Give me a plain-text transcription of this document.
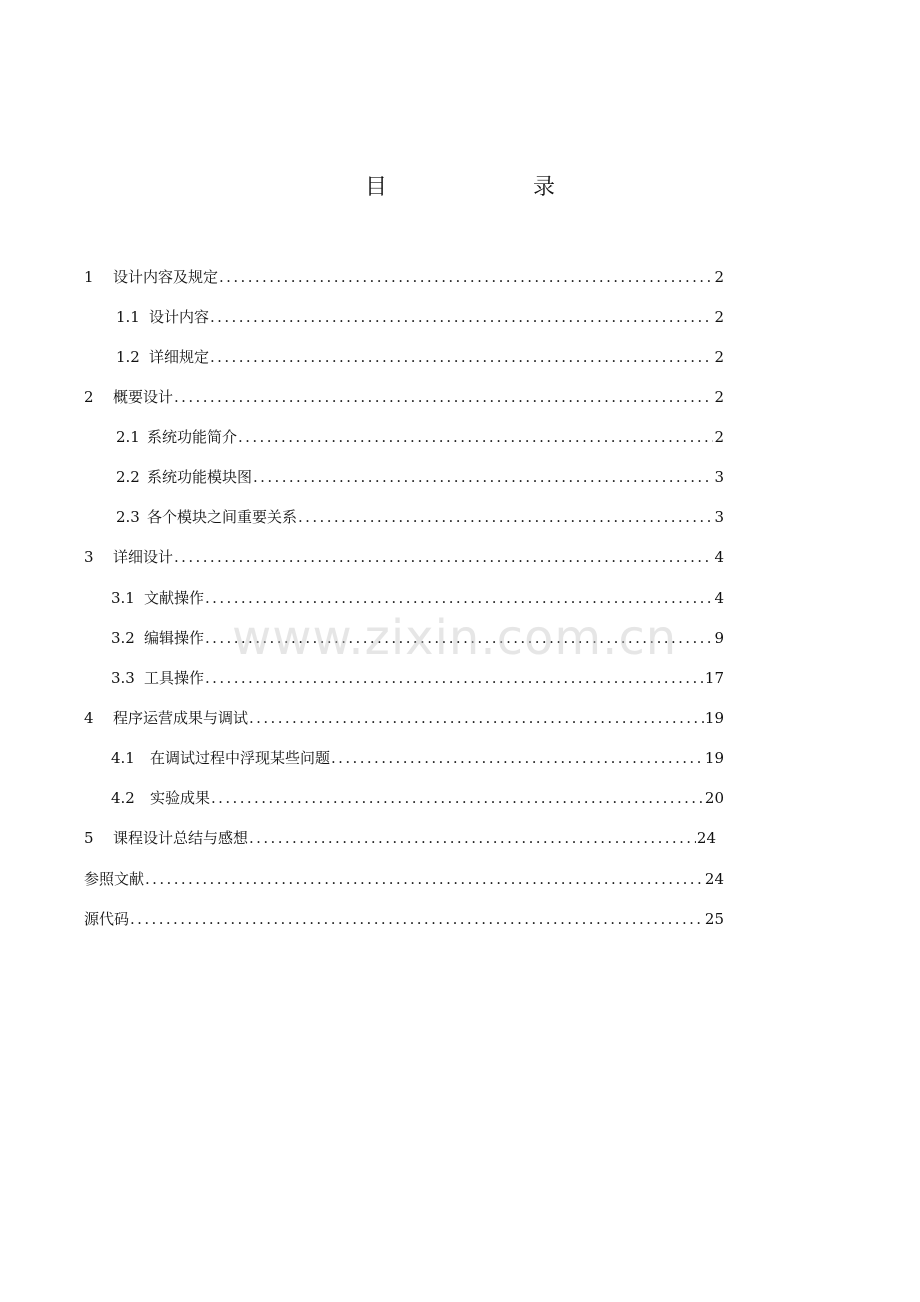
目　录
1	设计内容及规定 .....	2
1.1 设计内容 .....	2
1.2 详细规定 .....	2
2	概要设计 .....	2
2.1 系统功能简介 .....	2
2.2 系统功能模块图 .....	3
2.3 各个模块之间重要关系 .....	3
3	详细设计 .....	4
3.1 文献操作 .....	4
3.2 编辑操作 .....	9
3.3 工具操作 .....	17
4	程序运营成果与调试 .....	19
4.1	在调试过程中浮现某些问题 .....	19
4.2	实验成果 .....	20
5	课程设计总结与感想 .....	24
参照文献 .....	24
源代码 .....	25
www.zixin.com.cn
